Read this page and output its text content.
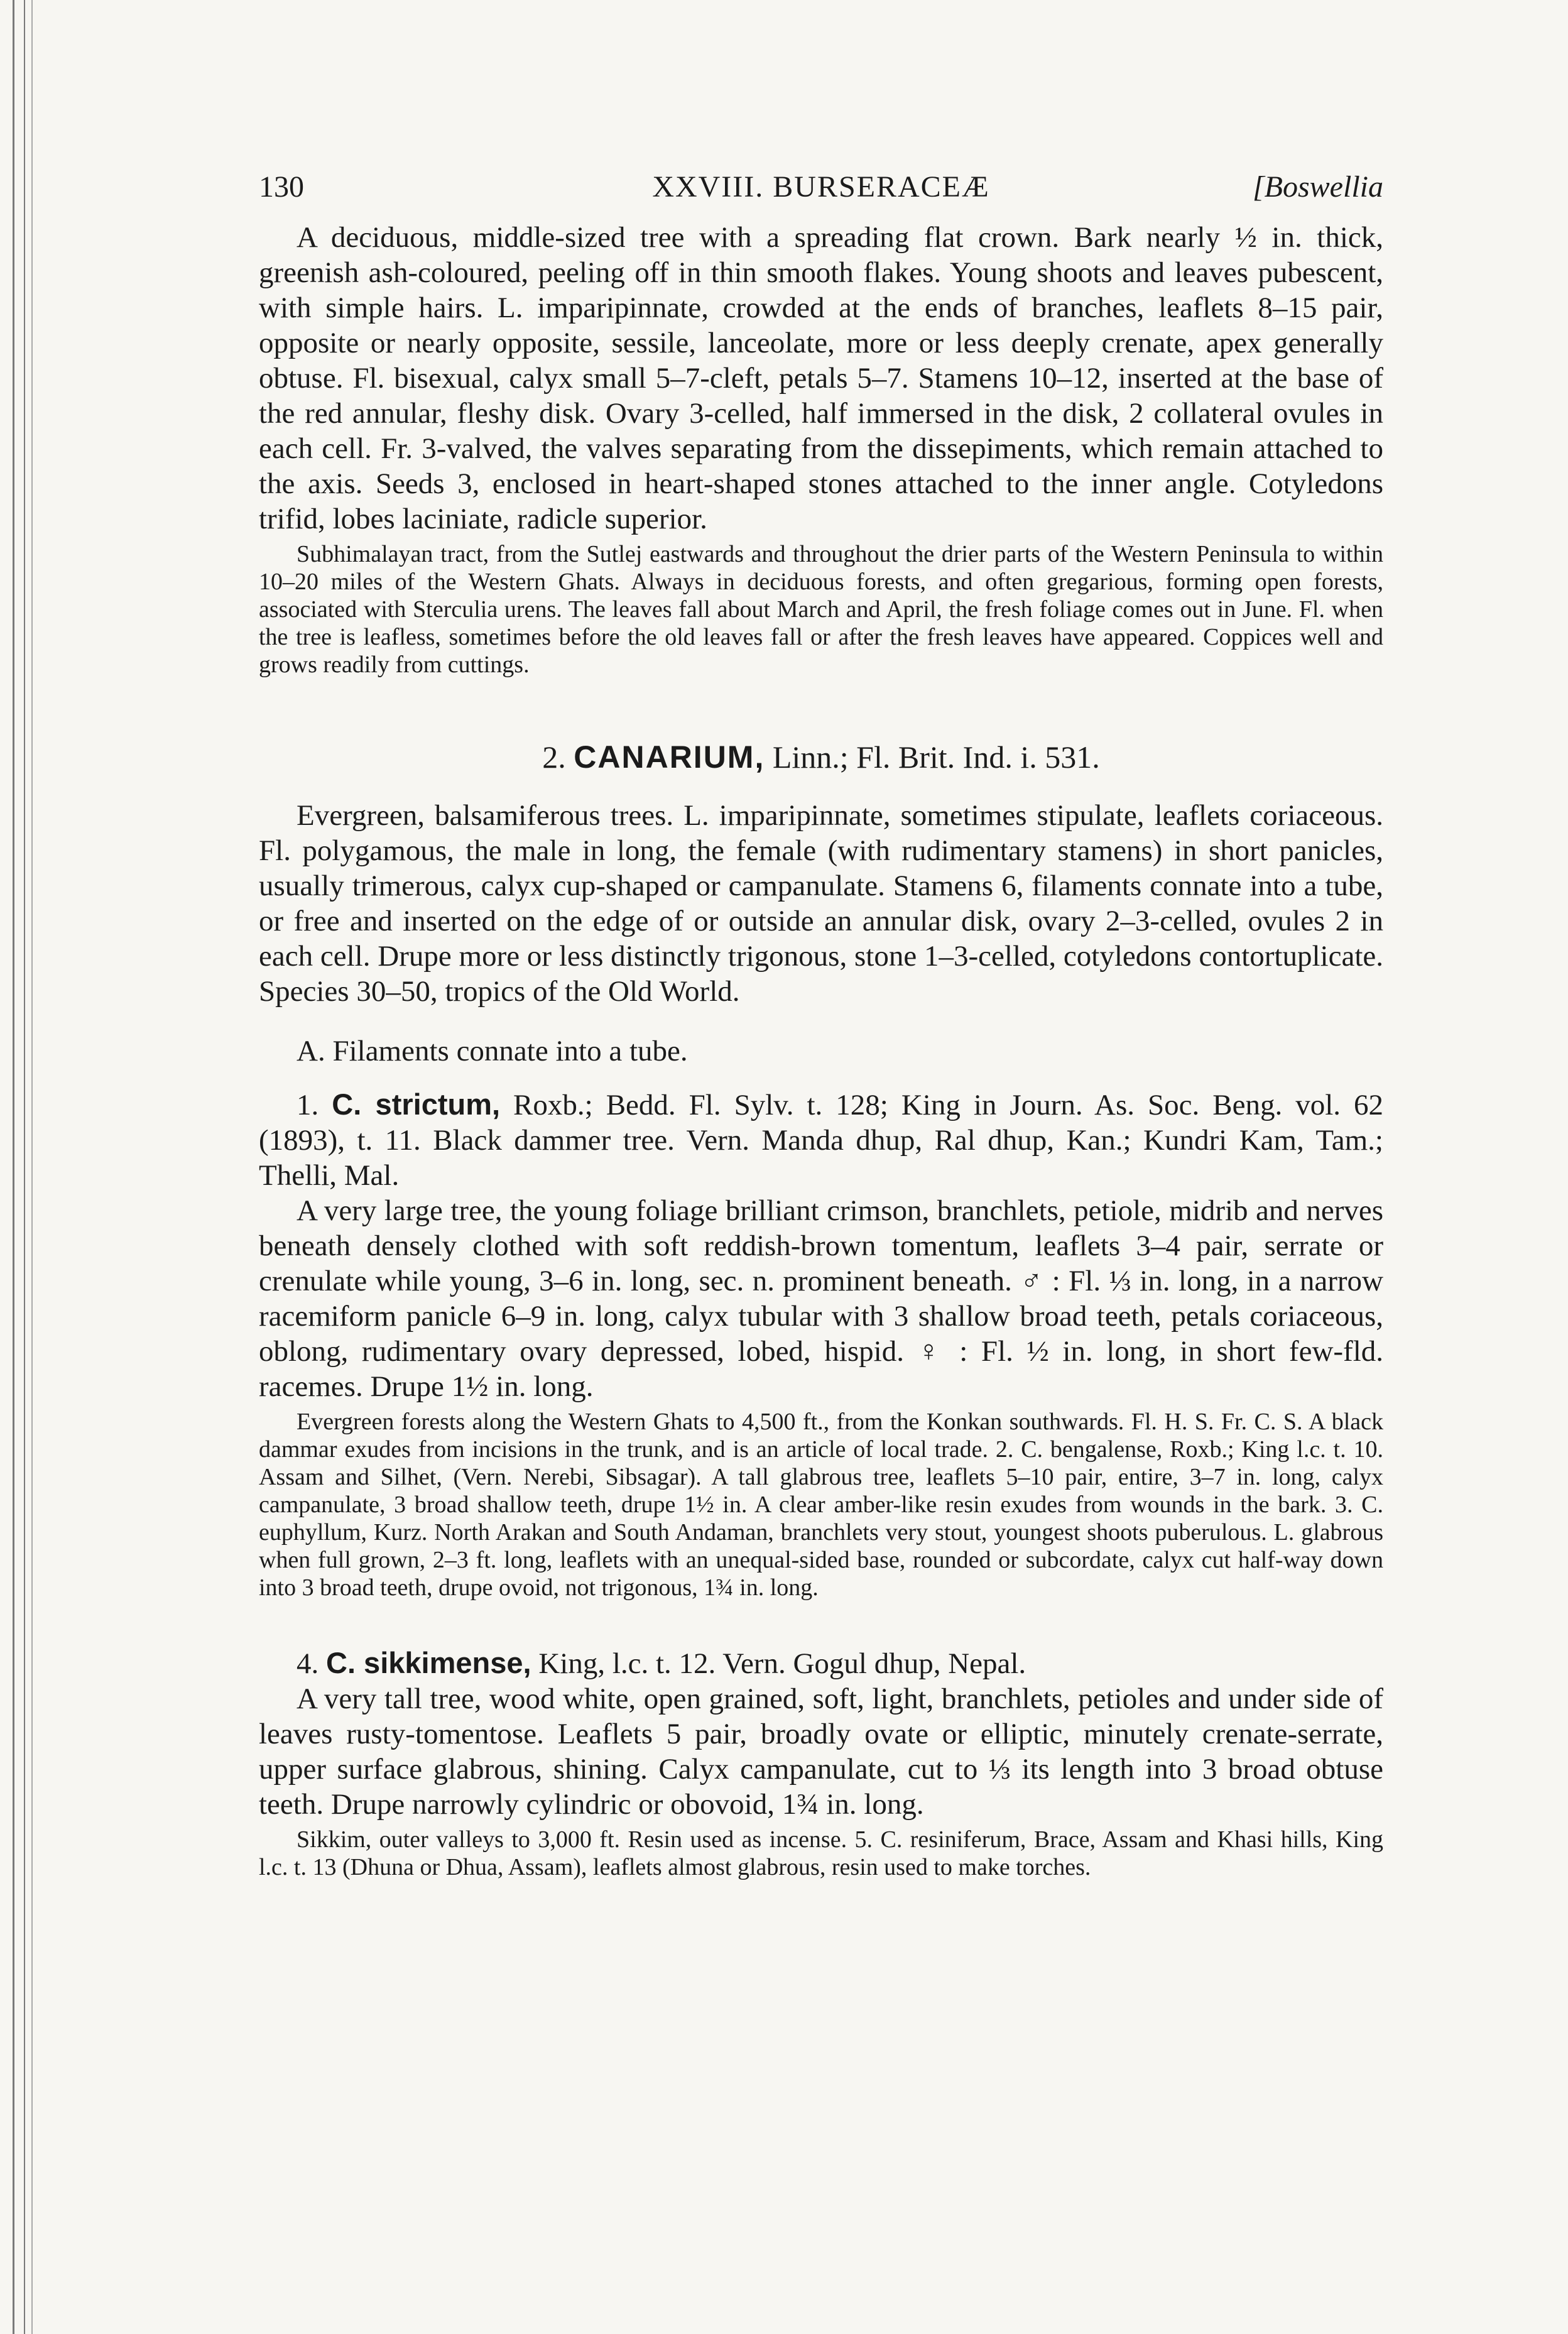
130	XXVIII. BURSERACEÆ	[Boswellia

A deciduous, middle-sized tree with a spreading flat crown. Bark nearly ½ in. thick, greenish ash-coloured, peeling off in thin smooth flakes. Young shoots and leaves pubescent, with simple hairs. L. imparipinnate, crowded at the ends of branches, leaflets 8–15 pair, opposite or nearly opposite, sessile, lanceolate, more or less deeply crenate, apex generally obtuse. Fl. bisexual, calyx small 5–7-cleft, petals 5–7. Stamens 10–12, inserted at the base of the red annular, fleshy disk. Ovary 3-celled, half immersed in the disk, 2 collateral ovules in each cell. Fr. 3-valved, the valves separating from the dissepiments, which remain attached to the axis. Seeds 3, enclosed in heart-shaped stones attached to the inner angle. Cotyledons trifid, lobes laciniate, radicle superior.

Subhimalayan tract, from the Sutlej eastwards and throughout the drier parts of the Western Peninsula to within 10–20 miles of the Western Ghats. Always in deciduous forests, and often gregarious, forming open forests, associated with Sterculia urens. The leaves fall about March and April, the fresh foliage comes out in June. Fl. when the tree is leafless, sometimes before the old leaves fall or after the fresh leaves have appeared. Coppices well and grows readily from cuttings.

2. CANARIUM, Linn.; Fl. Brit. Ind. i. 531.

Evergreen, balsamiferous trees. L. imparipinnate, sometimes stipulate, leaflets coriaceous. Fl. polygamous, the male in long, the female (with rudimentary stamens) in short panicles, usually trimerous, calyx cup-shaped or campanulate. Stamens 6, filaments connate into a tube, or free and inserted on the edge of or outside an annular disk, ovary 2–3-celled, ovules 2 in each cell. Drupe more or less distinctly trigonous, stone 1–3-celled, cotyledons contortuplicate. Species 30–50, tropics of the Old World.

A. Filaments connate into a tube.

1. C. strictum, Roxb.; Bedd. Fl. Sylv. t. 128; King in Journ. As. Soc. Beng. vol. 62 (1893), t. 11. Black dammer tree. Vern. Manda dhup, Ral dhup, Kan.; Kundri Kam, Tam.; Thelli, Mal.

A very large tree, the young foliage brilliant crimson, branchlets, petiole, midrib and nerves beneath densely clothed with soft reddish-brown tomentum, leaflets 3–4 pair, serrate or crenulate while young, 3–6 in. long, sec. n. prominent beneath. ♂ : Fl. ⅓ in. long, in a narrow racemiform panicle 6–9 in. long, calyx tubular with 3 shallow broad teeth, petals coriaceous, oblong, rudimentary ovary depressed, lobed, hispid. ♀ : Fl. ½ in. long, in short few-fld. racemes. Drupe 1½ in. long.

Evergreen forests along the Western Ghats to 4,500 ft., from the Konkan southwards. Fl. H. S. Fr. C. S. A black dammar exudes from incisions in the trunk, and is an article of local trade. 2. C. bengalense, Roxb.; King l.c. t. 10. Assam and Silhet, (Vern. Nerebi, Sibsagar). A tall glabrous tree, leaflets 5–10 pair, entire, 3–7 in. long, calyx campanulate, 3 broad shallow teeth, drupe 1½ in. A clear amber-like resin exudes from wounds in the bark. 3. C. euphyllum, Kurz. North Arakan and South Andaman, branchlets very stout, youngest shoots puberulous. L. glabrous when full grown, 2–3 ft. long, leaflets with an unequal-sided base, rounded or subcordate, calyx cut half-way down into 3 broad teeth, drupe ovoid, not trigonous, 1¾ in. long.

4. C. sikkimense, King, l.c. t. 12. Vern. Gogul dhup, Nepal.

A very tall tree, wood white, open grained, soft, light, branchlets, petioles and under side of leaves rusty-tomentose. Leaflets 5 pair, broadly ovate or elliptic, minutely crenate-serrate, upper surface glabrous, shining. Calyx campanulate, cut to ⅓ its length into 3 broad obtuse teeth. Drupe narrowly cylindric or obovoid, 1¾ in. long.

Sikkim, outer valleys to 3,000 ft. Resin used as incense. 5. C. resiniferum, Brace, Assam and Khasi hills, King l.c. t. 13 (Dhuna or Dhua, Assam), leaflets almost glabrous, resin used to make torches.
